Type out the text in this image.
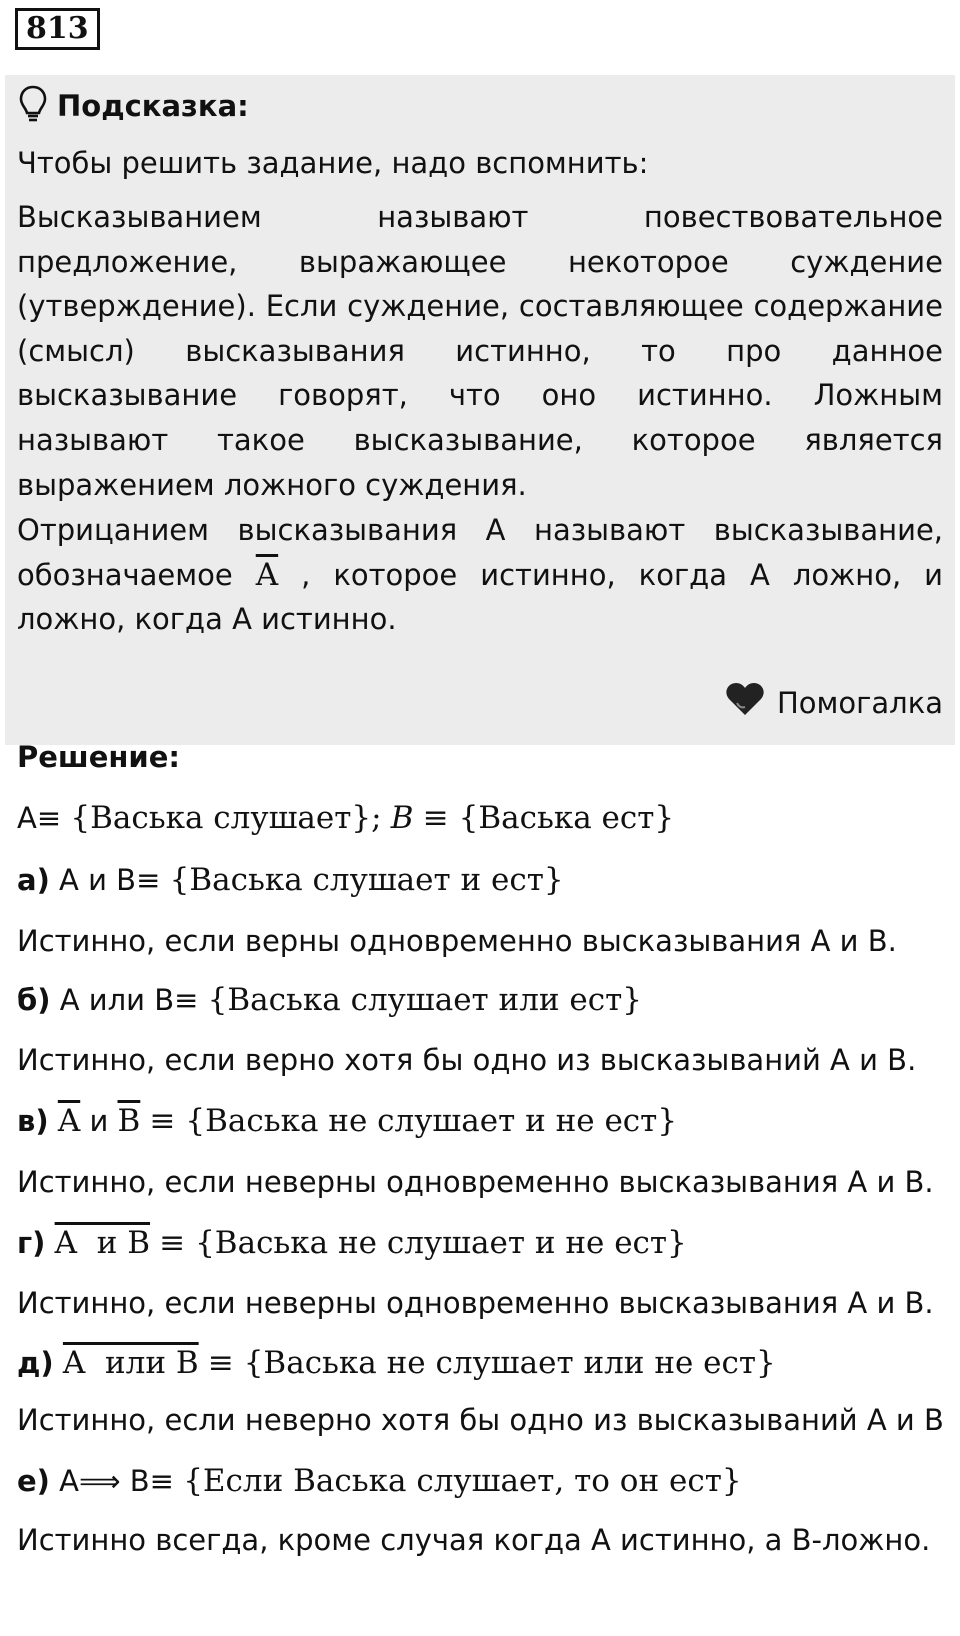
813
Подсказка:
Чтобы решить задание, надо вспомнить:
Высказыванием называют повествовательное предложение, выражающее некоторое суждение (утверждение). Если суждение, составляющее содержание (смысл) высказывания истинно, то про данное высказывание говорят, что оно истинно. Ложным называют такое высказывание, которое является выражением ложного суждения.
Отрицанием высказывания А называют высказывание, обозначаемое $\overline{A}$ , которое истинно, когда А ложно, и ложно, когда А истинно.
Помогалка
Решение:
А≡ {Васька слушает}; B ≡ {Васька ест}
а) А и В≡ {Васька слушает и ест}
Истинно, если верны одновременно высказывания А и В.
б) А или В≡ {Васька слушает или ест}
Истинно, если верно хотя бы одно из высказываний А и В.
в) $\overline{A}$ и $\overline{B}$ ≡ {Васька не слушает и не ест}
Истинно, если неверны одновременно высказывания А и В.
г) A  и B ≡ {Васька не слушает и не ест}
Истинно, если неверны одновременно высказывания А и В.
д) A  или B ≡ {Васька не слушает или не ест}
Истинно, если неверно хотя бы одно из высказываний А и В
е) А⟹ В≡ {Если Васька слушает, то он ест}
Истинно всегда, кроме случая когда А истинно, а В-ложно.
